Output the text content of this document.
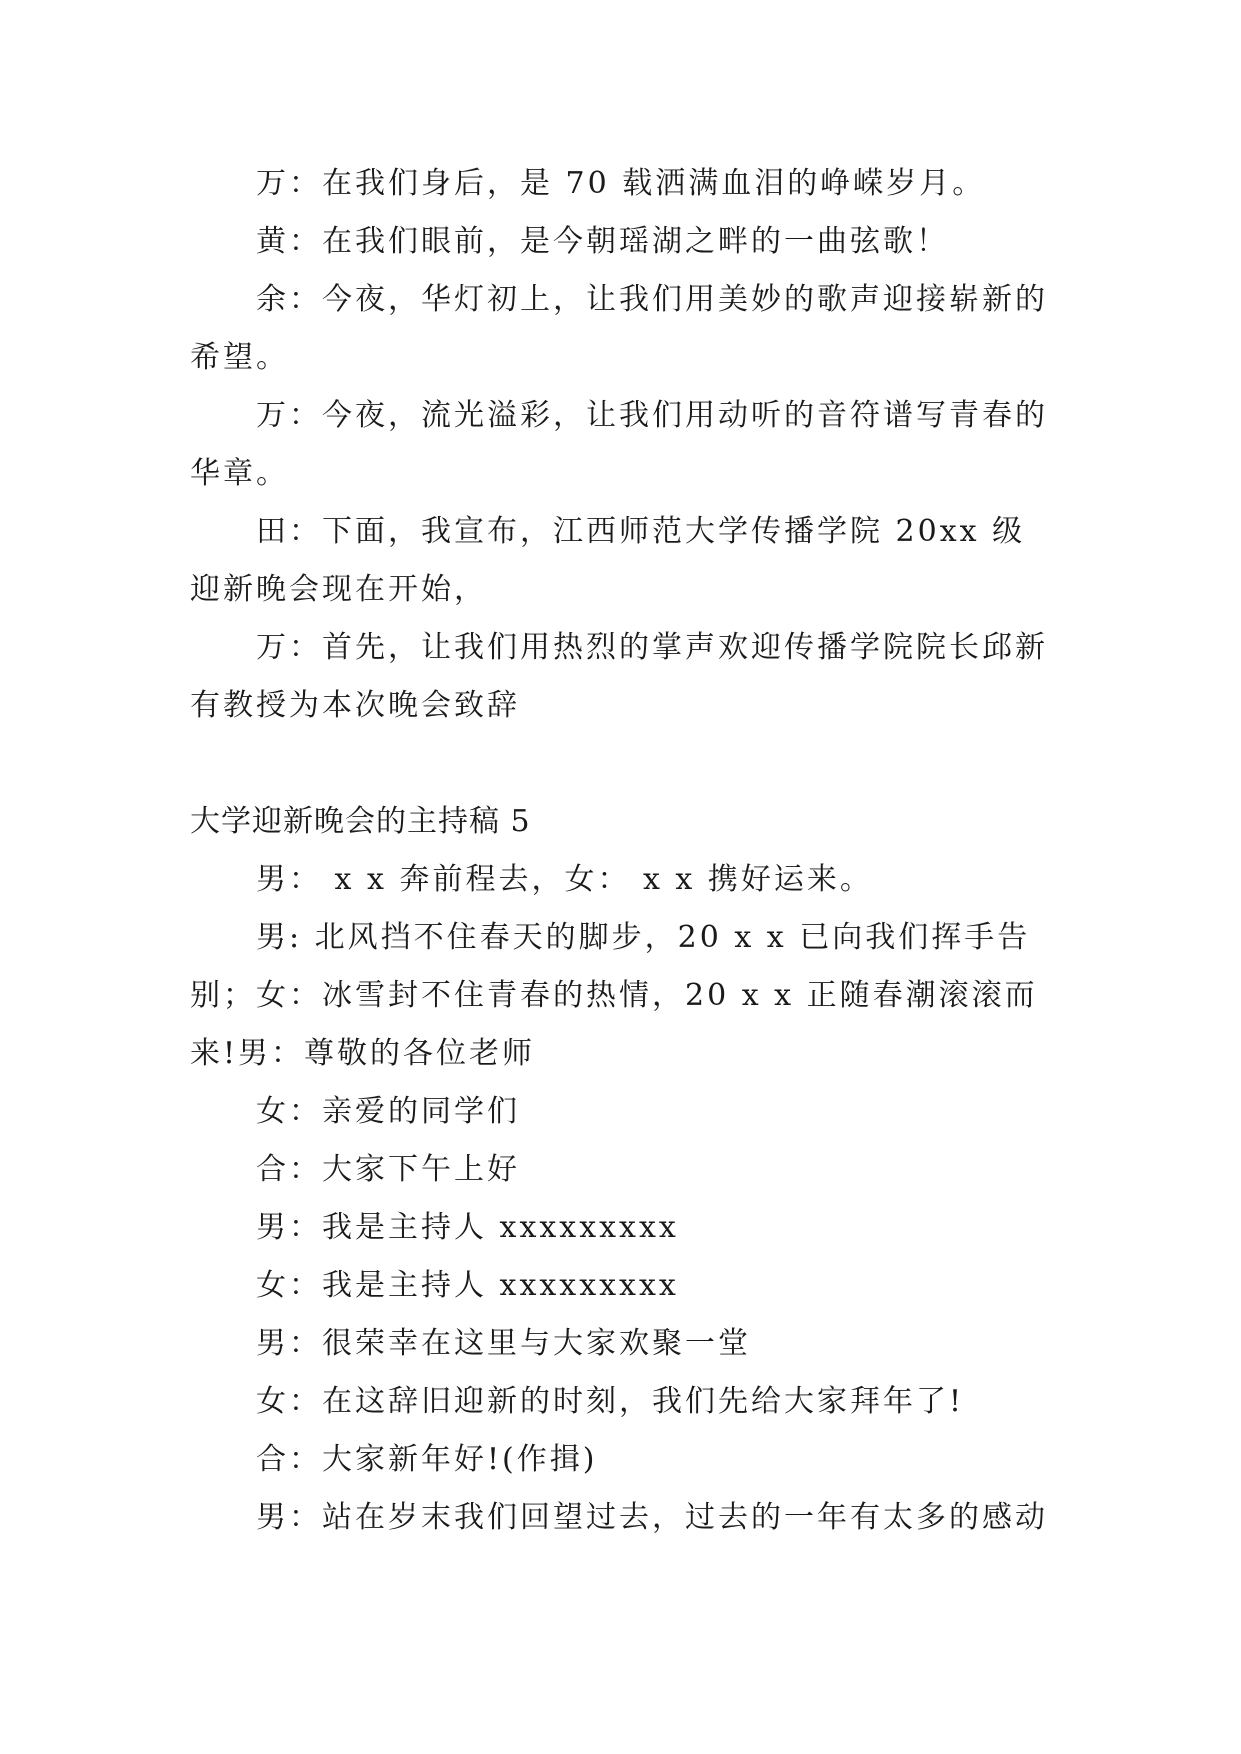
万：在我们身后，是 70 载洒满血泪的峥嵘岁月。

黄：在我们眼前，是今朝瑶湖之畔的一曲弦歌！

余：今夜，华灯初上，让我们用美妙的歌声迎接崭新的希望。

万：今夜，流光溢彩，让我们用动听的音符谱写青春的华章。

田：下面，我宣布，江西师范大学传播学院 20xx 级迎新晚会现在开始，

万：首先，让我们用热烈的掌声欢迎传播学院院长邱新有教授为本次晚会致辞

大学迎新晚会的主持稿 5

男： x x 奔前程去，女： x x 携好运来。

男: 北风挡不住春天的脚步，20 x x 已向我们挥手告别；女：冰雪封不住青春的热情，20 x x 正随春潮滚滚而来!男：尊敬的各位老师

女：亲爱的同学们

合：大家下午上好

男：我是主持人 xxxxxxxxx

女：我是主持人 xxxxxxxxx

男：很荣幸在这里与大家欢聚一堂

女：在这辞旧迎新的时刻，我们先给大家拜年了!

合：大家新年好!(作揖)

男：站在岁末我们回望过去，过去的一年有太多的感动
